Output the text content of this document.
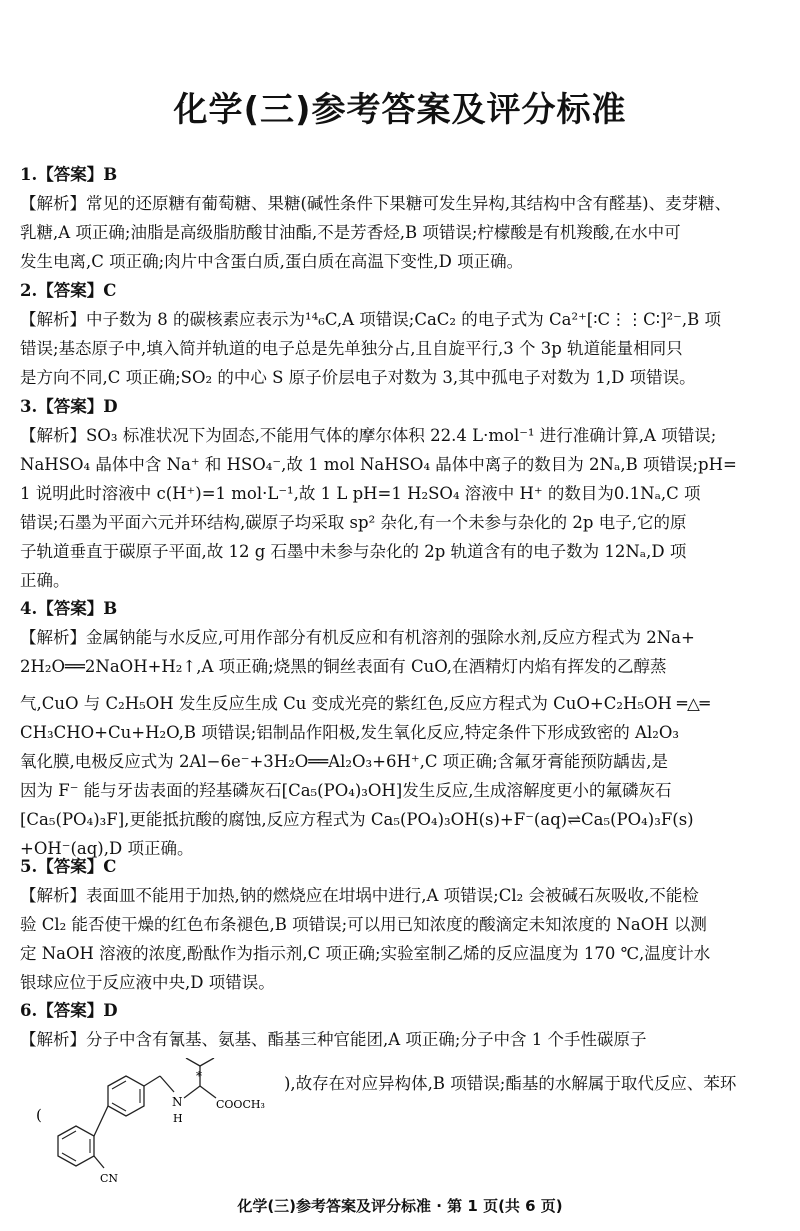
化学(三)参考答案及评分标准
1.【答案】B
【解析】常见的还原糖有葡萄糖、果糖(碱性条件下果糖可发生异构,其结构中含有醛基)、麦芽糖、
乳糖,A 项正确;油脂是高级脂肪酸甘油酯,不是芳香烃,B 项错误;柠檬酸是有机羧酸,在水中可
发生电离,C 项正确;肉片中含蛋白质,蛋白质在高温下变性,D 项正确。
2.【答案】C
【解析】中子数为 8 的碳核素应表示为¹⁴₆C,A 项错误;CaC₂ 的电子式为 Ca²⁺[∶C⋮⋮C∶]²⁻,B 项
错误;基态原子中,填入简并轨道的电子总是先单独分占,且自旋平行,3 个 3p 轨道能量相同只
是方向不同,C 项正确;SO₂ 的中心 S 原子价层电子对数为 3,其中孤电子对数为 1,D 项错误。
3.【答案】D
【解析】SO₃ 标准状况下为固态,不能用气体的摩尔体积 22.4 L·mol⁻¹ 进行准确计算,A 项错误;
NaHSO₄ 晶体中含 Na⁺ 和 HSO₄⁻,故 1 mol NaHSO₄ 晶体中离子的数目为 2Nₐ,B 项错误;pH=
1 说明此时溶液中 c(H⁺)=1 mol·L⁻¹,故 1 L pH=1 H₂SO₄ 溶液中 H⁺ 的数目为0.1Nₐ,C 项
错误;石墨为平面六元并环结构,碳原子均采取 sp² 杂化,有一个未参与杂化的 2p 电子,它的原
子轨道垂直于碳原子平面,故 12 g 石墨中未参与杂化的 2p 轨道含有的电子数为 12Nₐ,D 项
正确。
4.【答案】B
【解析】金属钠能与水反应,可用作部分有机反应和有机溶剂的强除水剂,反应方程式为 2Na+
2H₂O══2NaOH+H₂↑,A 项正确;烧黑的铜丝表面有 CuO,在酒精灯内焰有挥发的乙醇蒸
气,CuO 与 C₂H₅OH 发生反应生成 Cu 变成光亮的紫红色,反应方程式为 CuO+C₂H₅OH ═△═
CH₃CHO+Cu+H₂O,B 项错误;铝制品作阳极,发生氧化反应,特定条件下形成致密的 Al₂O₃
氧化膜,电极反应式为 2Al−6e⁻+3H₂O══Al₂O₃+6H⁺,C 项正确;含氟牙膏能预防龋齿,是
因为 F⁻ 能与牙齿表面的羟基磷灰石[Ca₅(PO₄)₃OH]发生反应,生成溶解度更小的氟磷灰石
[Ca₅(PO₄)₃F],更能抵抗酸的腐蚀,反应方程式为 Ca₅(PO₄)₃OH(s)+F⁻(aq)⇌Ca₅(PO₄)₃F(s)
+OH⁻(aq),D 项正确。
5.【答案】C
【解析】表面皿不能用于加热,钠的燃烧应在坩埚中进行,A 项错误;Cl₂ 会被碱石灰吸收,不能检
验 Cl₂ 能否使干燥的红色布条褪色,B 项错误;可以用已知浓度的酸滴定未知浓度的 NaOH 以测
定 NaOH 溶液的浓度,酚酞作为指示剂,C 项正确;实验室制乙烯的反应温度为 170 ℃,温度计水
银球应位于反应液中央,D 项错误。
6.【答案】D
【解析】分子中含有氰基、氨基、酯基三种官能团,A 项正确;分子中含 1 个手性碳原子
(
CN
N
H
*
COOCH₃
),故存在对应异构体,B 项错误;酯基的水解属于取代反应、苯环
化学(三)参考答案及评分标准 · 第 1 页(共 6 页)
